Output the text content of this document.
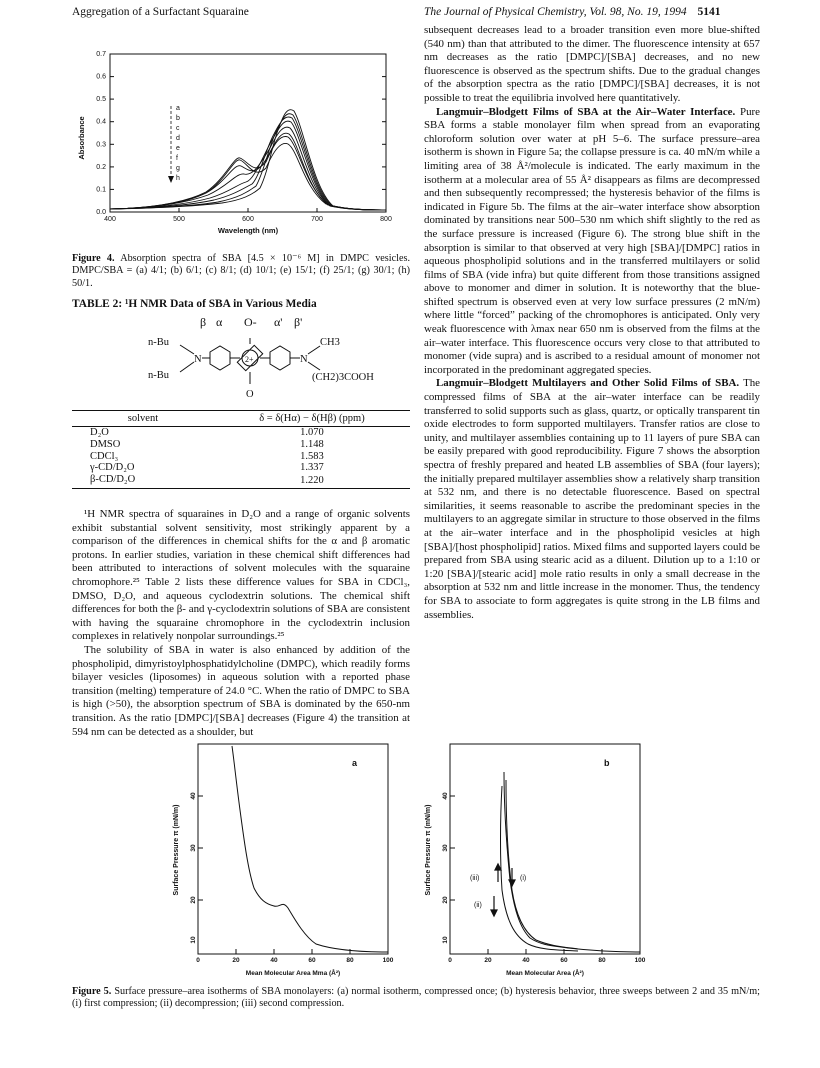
Aggregation of a Surfactant Squaraine	The Journal of Physical Chemistry, Vol. 98, No. 19, 1994 5141
0.7
0.6
0.5
0.4
0.3
0.2
0.1
0.0
400	500	600	700	800
Wavelength (nm)
Absorbance
a
b
c
d
e
f
g
h
Figure 4. Absorption spectra of SBA [4.5 × 10⁻⁶ M] in DMPC vesicles. DMPC/SBA = (a) 4/1; (b) 6/1; (c) 8/1; (d) 10/1; (e) 15/1; (f) 25/1; (g) 30/1; (h) 50/1.

TABLE 2: ¹H NMR Data of SBA in Various Media

β α O- α' β'
n-Bu
n-Bu
N	N
CH3
(CH2)3COOH
2+
O
solvent	δ = δ(Hα) − δ(Hβ) (ppm)
D₂O	1.070
DMSO	1.148
CDCl₃	1.583
γ-CD/D₂O	1.337
β-CD/D₂O	1.220

¹H NMR spectra of squaraines in D₂O and a range of organic solvents exhibit substantial solvent sensitivity, most strikingly apparent by a comparison of the differences in chemical shifts for the α and β aromatic protons. In earlier studies, variation in these chemical shift differences had been attributed to interactions of solvent molecules with the squaraine chromophore.²⁵ Table 2 lists these difference values for SBA in CDCl₃, DMSO, D₂O, and aqueous cyclodextrin solutions. The chemical shift differences for both the β- and γ-cyclodextrin solutions of SBA are consistent with having the squaraine chromophore in the cyclodextrin inclusion complexes in relatively nonpolar surroundings.²⁵

The solubility of SBA in water is also enhanced by addition of the phospholipid, dimyristoylphosphatidylcholine (DMPC), which readily forms bilayer vesicles (liposomes) in aqueous solution with a reported phase transition (melting) temperature of 24.0 °C. When the ratio of DMPC to SBA is high (>50), the absorption spectrum of SBA is dominated by the 650-nm transition. As the ratio [DMPC]/[SBA] decreases (Figure 4) the transition at 594 nm can be detected as a shoulder, but

subsequent decreases lead to a broader transition even more blue-shifted (540 nm) than that attributed to the dimer. The fluorescence intensity at 657 nm decreases as the ratio [DMPC]/[SBA] decreases, and no new fluorescence is observed as the spectrum shifts. Due to the gradual changes of the absorption spectra as the ratio [DMPC]/[SBA] decreases, it is not possible to treat the equilibria involved here quantitatively.

Langmuir–Blodgett Films of SBA at the Air–Water Interface. Pure SBA forms a stable monolayer film when spread from an evaporating chloroform solution over water at pH 5–6. The surface pressure–area isotherm is shown in Figure 5a; the collapse pressure is ca. 40 mN/m while a limiting area of 38 Å²/molecule is indicated. The early maximum in the isotherm at a molecular area of 55 Å² disappears as films are decompressed and then subsequently recompressed; the hysteresis behavior of the films is indicated in Figure 5b. The films at the air–water interface show absorption dominated by transitions near 500–530 nm which shift slightly to the red as the surface pressure is increased (Figure 6). The strong blue shift in the absorption is similar to that observed at very high [SBA]/[DMPC] ratios in aqueous phospholipid solutions and in the transferred multilayers or solid films of SBA (vide infra) but quite different from those transitions assigned above to monomer and dimer in solution. It is noteworthy that the blue-shifted spectrum is observed even at very low surface pressures (2 mN/m) where little “forced” packing of the chromophores is anticipated. Only very weak fluorescence with λmax near 650 nm is observed from the films at the air–water interface. This fluorescence occurs very close to that attributed to monomer (vide supra) and is ascribed to a residual amount of monomer not incorporated in the predominant aggregated species.

Langmuir–Blodgett Multilayers and Other Solid Films of SBA. The compressed films of SBA at the air–water interface can be readily transferred to solid supports such as glass, quartz, or optically transparent tin oxide electrodes to form supported multilayers. Transfer ratios are close to unity, and multilayer assemblies containing up to 11 layers of pure SBA can be easily prepared with good reproducibility. Figure 7 shows the absorption spectra of freshly prepared and heated LB assemblies of SBA (four layers); the initially prepared multilayer assemblies show a relatively sharp transition at 532 nm, and there is no detectable fluorescence. Based on spectral similarities, it seems reasonable to ascribe the predominant species in the multilayers to an aggregate similar in structure to those observed in the films at the air–water interface and in the phospholipid vesicles at high [SBA]/[host phospholipid] ratios. Mixed films and supported layers could be prepared from SBA using stearic acid as a diluent. Dilution up to a 1:10 or 1:20 [SBA]/[stearic acid] mole ratio results in only a small decrease in the absorption at 532 nm and little increase in the monomer. Thus, the tendency for SBA to associate to form aggregates is quite strong in the LB films and assemblies.

40
30
20
10
0	20	40	60	80	100
Mean Molecular Area Mma (Å²)
Surface Pressure π (mN/m)
a
40
30
20
10
0	20	40	60	80	100
Mean Molecular Area (Å²)
Surface Pressure π (mN/m)
b
(iii)	(i)
(ii)
Figure 5. Surface pressure–area isotherms of SBA monolayers: (a) normal isotherm, compressed once; (b) hysteresis behavior, three sweeps between 2 and 35 mN/m; (i) first compression; (ii) decompression; (iii) second compression.
